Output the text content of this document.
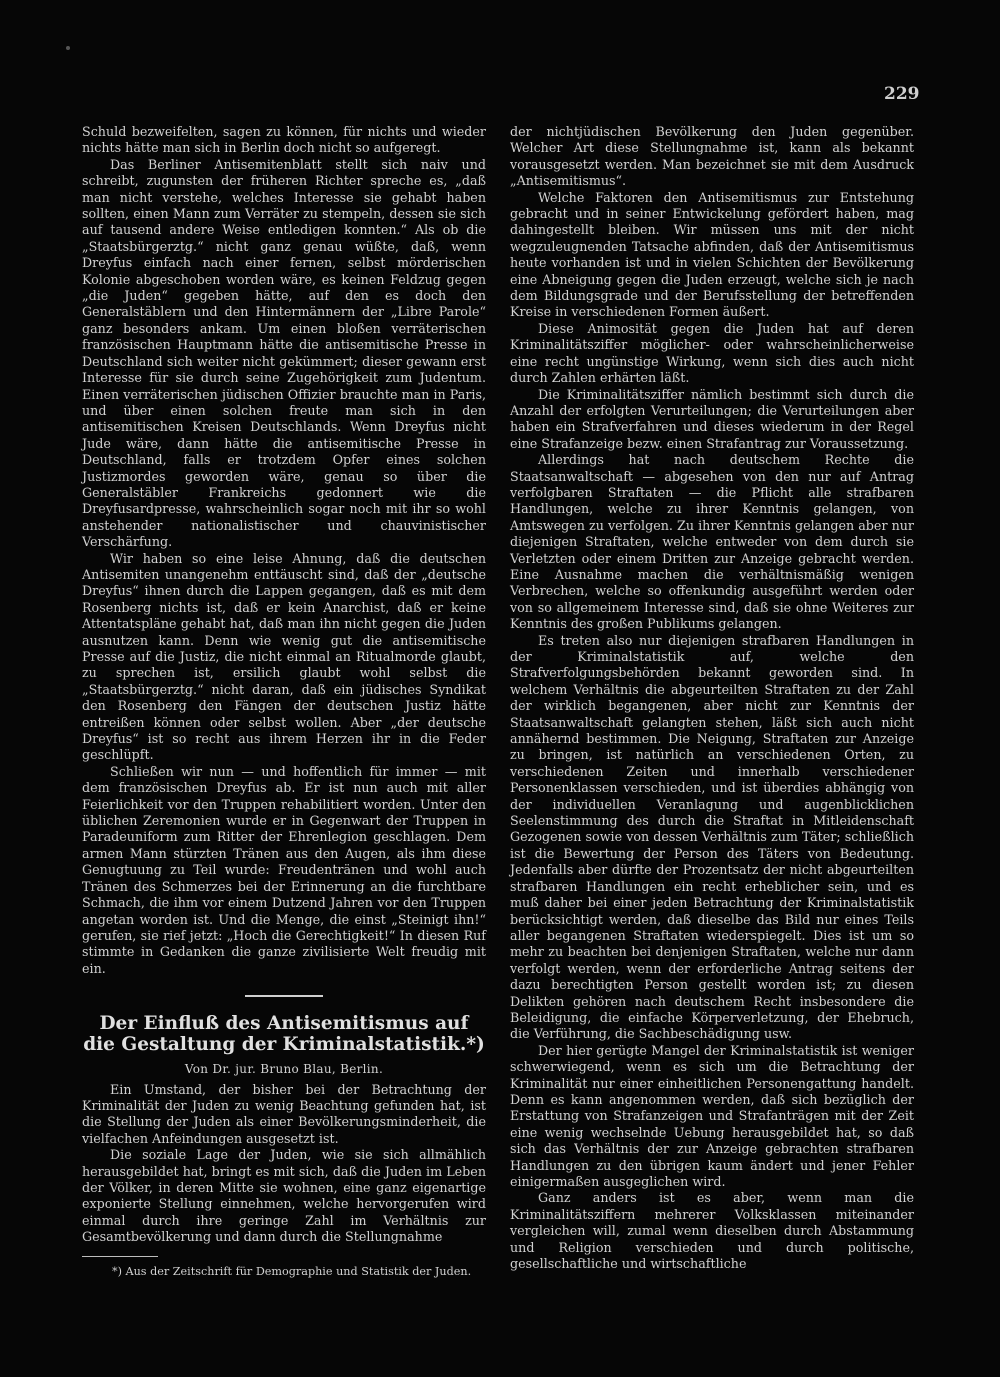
229

Schuld bezweifelten, sagen zu können, für nichts und wieder nichts hätte man sich in Berlin doch nicht so aufgeregt.

Das Berliner Antisemitenblatt stellt sich naiv und schreibt, zugunsten der früheren Richter spreche es, „daß man nicht verstehe, welches Interesse sie gehabt haben sollten, einen Mann zum Verräter zu stempeln, dessen sie sich auf tausend andere Weise entledigen konnten.“ Als ob die „Staatsbürgerztg.“ nicht ganz genau wüßte, daß, wenn Dreyfus einfach nach einer fernen, selbst mörderischen Kolonie abgeschoben worden wäre, es keinen Feldzug gegen „die Juden“ gegeben hätte, auf den es doch den Generalstäblern und den Hintermännern der „Libre Parole“ ganz besonders ankam. Um einen bloßen verräterischen französischen Hauptmann hätte die antisemitische Presse in Deutschland sich weiter nicht gekümmert; dieser gewann erst Interesse für sie durch seine Zugehörigkeit zum Judentum. Einen verräterischen jüdischen Offizier brauchte man in Paris, und über einen solchen freute man sich in den antisemitischen Kreisen Deutschlands. Wenn Dreyfus nicht Jude wäre, dann hätte die antisemitische Presse in Deutschland, falls er trotzdem Opfer eines solchen Justizmordes geworden wäre, genau so über die Generalstäbler Frankreichs gedonnert wie die Dreyfusardpresse, wahrscheinlich sogar noch mit ihr so wohl anstehender nationalistischer und chauvinistischer Verschärfung.

Wir haben so eine leise Ahnung, daß die deutschen Antisemiten unangenehm enttäuscht sind, daß der „deutsche Dreyfus“ ihnen durch die Lappen gegangen, daß es mit dem Rosenberg nichts ist, daß er kein Anarchist, daß er keine Attentatspläne gehabt hat, daß man ihn nicht gegen die Juden ausnutzen kann. Denn wie wenig gut die antisemitische Presse auf die Justiz, die nicht einmal an Ritualmorde glaubt, zu sprechen ist, ersilich glaubt wohl selbst die „Staatsbürgerztg.“ nicht daran, daß ein jüdisches Syndikat den Rosenberg den Fängen der deutschen Justiz hätte entreißen können oder selbst wollen. Aber „der deutsche Dreyfus“ ist so recht aus ihrem Herzen ihr in die Feder geschlüpft.

Schließen wir nun — und hoffentlich für immer — mit dem französischen Dreyfus ab. Er ist nun auch mit aller Feierlichkeit vor den Truppen rehabilitiert worden. Unter den üblichen Zeremonien wurde er in Gegenwart der Truppen in Paradeuniform zum Ritter der Ehrenlegion geschlagen. Dem armen Mann stürzten Tränen aus den Augen, als ihm diese Genugtuung zu Teil wurde: Freudentränen und wohl auch Tränen des Schmerzes bei der Erinnerung an die furchtbare Schmach, die ihm vor einem Dutzend Jahren vor den Truppen angetan worden ist. Und die Menge, die einst „Steinigt ihn!“ gerufen, sie rief jetzt: „Hoch die Gerechtigkeit!“ In diesen Ruf stimmte in Gedanken die ganze zivilisierte Welt freudig mit ein.

Der Einfluß des Antisemitismus auf die Gestaltung der Kriminalstatistik.*)
Von Dr. jur. Bruno Blau, Berlin.

Ein Umstand, der bisher bei der Betrachtung der Kriminalität der Juden zu wenig Beachtung gefunden hat, ist die Stellung der Juden als einer Bevölkerungsminderheit, die vielfachen Anfeindungen ausgesetzt ist.

Die soziale Lage der Juden, wie sie sich allmählich herausgebildet hat, bringt es mit sich, daß die Juden im Leben der Völker, in deren Mitte sie wohnen, eine ganz eigenartige exponierte Stellung einnehmen, welche hervorgerufen wird einmal durch ihre geringe Zahl im Verhältnis zur Gesamtbevölkerung und dann durch die Stellungnahme

*) Aus der Zeitschrift für Demographie und Statistik der Juden.

der nichtjüdischen Bevölkerung den Juden gegenüber. Welcher Art diese Stellungnahme ist, kann als bekannt vorausgesetzt werden. Man bezeichnet sie mit dem Ausdruck „Antisemitismus“.

Welche Faktoren den Antisemitismus zur Entstehung gebracht und in seiner Entwickelung gefördert haben, mag dahingestellt bleiben. Wir müssen uns mit der nicht wegzuleugnenden Tatsache abfinden, daß der Antisemitismus heute vorhanden ist und in vielen Schichten der Bevölkerung eine Abneigung gegen die Juden erzeugt, welche sich je nach dem Bildungsgrade und der Berufsstellung der betreffenden Kreise in verschiedenen Formen äußert.

Diese Animosität gegen die Juden hat auf deren Kriminalitätsziffer möglicher- oder wahrscheinlicherweise eine recht ungünstige Wirkung, wenn sich dies auch nicht durch Zahlen erhärten läßt.

Die Kriminalitätsziffer nämlich bestimmt sich durch die Anzahl der erfolgten Verurteilungen; die Verurteilungen aber haben ein Strafverfahren und dieses wiederum in der Regel eine Strafanzeige bezw. einen Strafantrag zur Voraussetzung.

Allerdings hat nach deutschem Rechte die Staatsanwaltschaft — abgesehen von den nur auf Antrag verfolgbaren Straftaten — die Pflicht alle strafbaren Handlungen, welche zu ihrer Kenntnis gelangen, von Amtswegen zu verfolgen. Zu ihrer Kenntnis gelangen aber nur diejenigen Straftaten, welche entweder von dem durch sie Verletzten oder einem Dritten zur Anzeige gebracht werden. Eine Ausnahme machen die verhältnismäßig wenigen Verbrechen, welche so offenkundig ausgeführt werden oder von so allgemeinem Interesse sind, daß sie ohne Weiteres zur Kenntnis des großen Publikums gelangen.

Es treten also nur diejenigen strafbaren Handlungen in der Kriminalstatistik auf, welche den Strafverfolgungsbehörden bekannt geworden sind. In welchem Verhältnis die abgeurteilten Straftaten zu der Zahl der wirklich begangenen, aber nicht zur Kenntnis der Staatsanwaltschaft gelangten stehen, läßt sich auch nicht annähernd bestimmen. Die Neigung, Straftaten zur Anzeige zu bringen, ist natürlich an verschiedenen Orten, zu verschiedenen Zeiten und innerhalb verschiedener Personenklassen verschieden, und ist überdies abhängig von der individuellen Veranlagung und augenblicklichen Seelenstimmung des durch die Straftat in Mitleidenschaft Gezogenen sowie von dessen Verhältnis zum Täter; schließlich ist die Bewertung der Person des Täters von Bedeutung. Jedenfalls aber dürfte der Prozentsatz der nicht abgeurteilten strafbaren Handlungen ein recht erheblicher sein, und es muß daher bei einer jeden Betrachtung der Kriminalstatistik berücksichtigt werden, daß dieselbe das Bild nur eines Teils aller begangenen Straftaten wiederspiegelt. Dies ist um so mehr zu beachten bei denjenigen Straftaten, welche nur dann verfolgt werden, wenn der erforderliche Antrag seitens der dazu berechtigten Person gestellt worden ist; zu diesen Delikten gehören nach deutschem Recht insbesondere die Beleidigung, die einfache Körperverletzung, der Ehebruch, die Verführung, die Sachbeschädigung usw.

Der hier gerügte Mangel der Kriminalstatistik ist weniger schwerwiegend, wenn es sich um die Betrachtung der Kriminalität nur einer einheitlichen Personengattung handelt. Denn es kann angenommen werden, daß sich bezüglich der Erstattung von Strafanzeigen und Strafanträgen mit der Zeit eine wenig wechselnde Uebung herausgebildet hat, so daß sich das Verhältnis der zur Anzeige gebrachten strafbaren Handlungen zu den übrigen kaum ändert und jener Fehler einigermaßen ausgeglichen wird.

Ganz anders ist es aber, wenn man die Kriminalitätsziffern mehrerer Volksklassen miteinander vergleichen will, zumal wenn dieselben durch Abstammung und Religion verschieden und durch politische, gesellschaftliche und wirtschaftliche
